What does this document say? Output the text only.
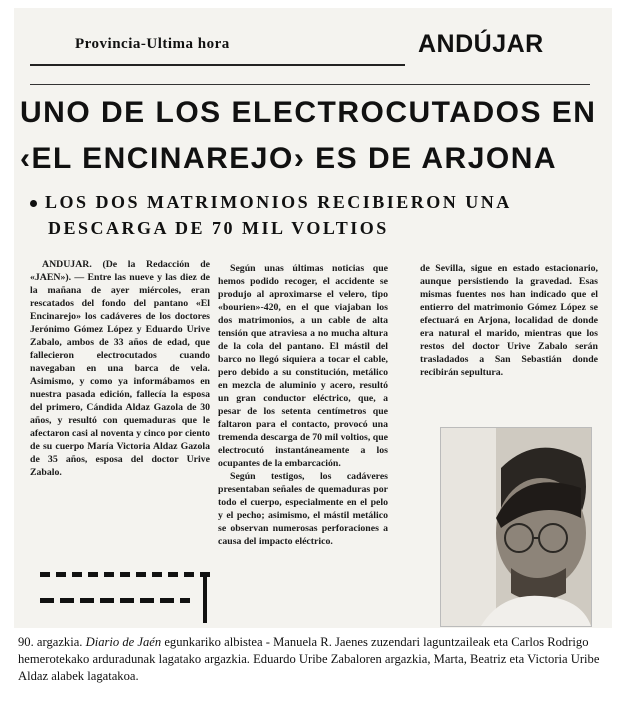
Provincia-Ultima hora	ANDÚJAR
UNO DE LOS ELECTROCUTADOS EN
‹EL ENCINAREJO› ES DE ARJONA
LOS DOS MATRIMONIOS RECIBIERON UNA
DESCARGA DE 70 MIL VOLTIOS

ANDUJAR. (De la Redacción de «JAEN»). — Entre las nueve y las diez de la mañana de ayer miércoles, eran rescatados del fondo del pantano «El Encinarejo» los cadáveres de los doctores Jerónimo Gómez López y Eduardo Urive Zabalo, ambos de 33 años de edad, que fallecieron electrocutados cuando navegaban en una barca de vela. Asimismo, y como ya informábamos en nuestra pasada edición, fallecía la esposa del primero, Cándida Aldaz Gazola de 30 años, y resultó con quemaduras que le afectaron casi al noventa y cinco por ciento de su cuerpo María Victoria Aldaz Gazola de 35 años, esposa del doctor Urive Zabalo.

Según unas últimas noticias que hemos podido recoger, el accidente se produjo al aproximarse el velero, tipo «bourien»-420, en el que viajaban los dos matrimonios, a un cable de alta tensión que atraviesa a no mucha altura de la cola del pantano. El mástil del barco no llegó siquiera a tocar el cable, pero debido a su constitución, metálico en mezcla de aluminio y acero, resultó un gran conductor eléctrico, que, a pesar de los setenta centímetros que faltaron para el contacto, provocó una tremenda descarga de 70 mil voltios, que electrocutó instantáneamente a los ocupantes de la embarcación.

Según testigos, los cadáveres presentaban señales de quemaduras por todo el cuerpo, especialmente en el pelo y el pecho; asimismo, el mástil metálico se observan numerosas perforaciones a causa del impacto eléctrico.

de Sevilla, sigue en estado estacionario, aunque persistiendo la gravedad. Esas mismas fuentes nos han indicado que el entierro del matrimonio Gómez López se efectuará en Arjona, localidad de donde era natural el marido, mientras que los restos del doctor Urive Zabalo serán trasladados a San Sebastián donde recibirán sepultura.

90. argazkia. Diario de Jaén egunkariko albistea - Manuela R. Jaenes zuzendari laguntzaileak eta Carlos Rodrigo hemerotekako arduradunak lagatako argazkia. Eduardo Uribe Zabaloren argazkia, Marta, Beatriz eta Victoria Uribe Aldaz alabek lagatakoa.
